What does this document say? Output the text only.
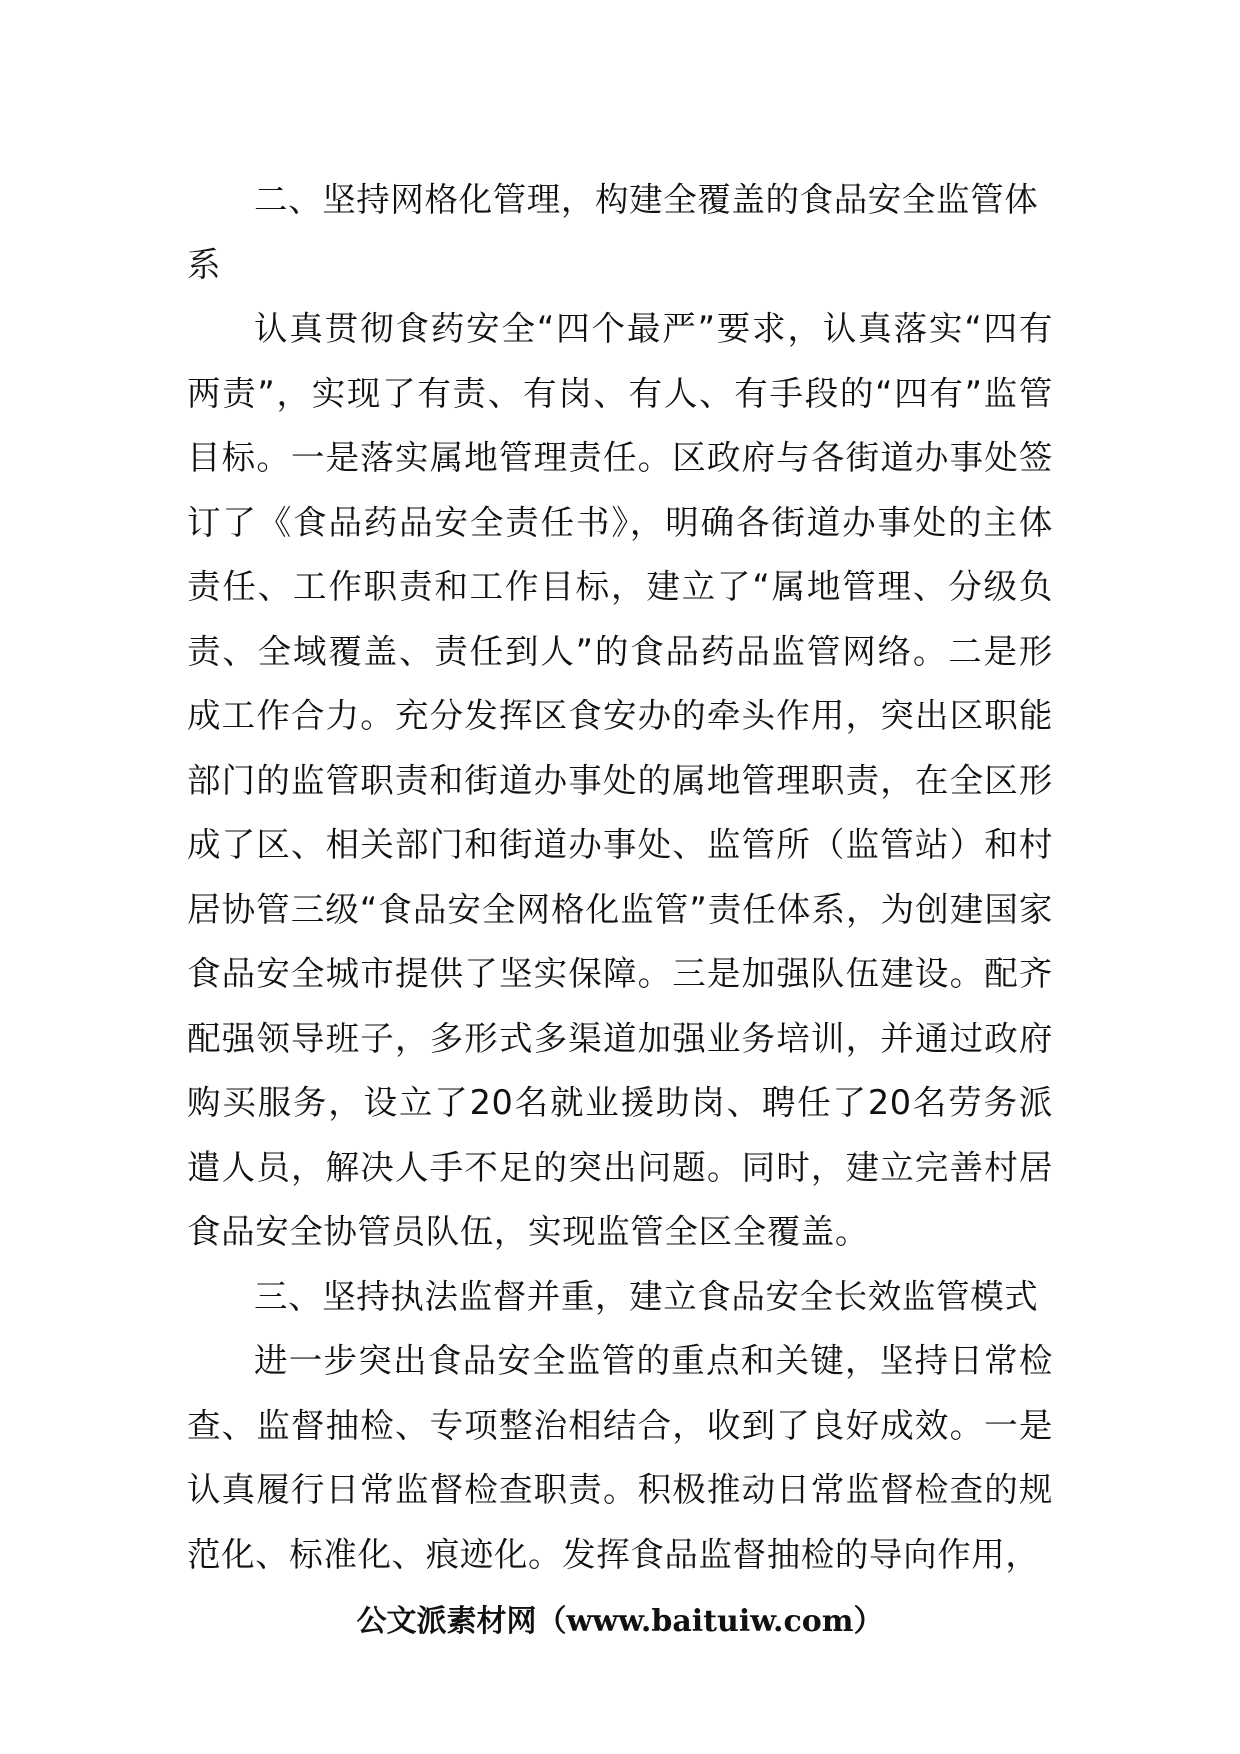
二、坚持网格化管理，构建全覆盖的食品安全监管体系

认真贯彻食药安全“四个最严”要求，认真落实“四有两责”，实现了有责、有岗、有人、有手段的“四有”监管目标。一是落实属地管理责任。区政府与各街道办事处签订了《食品药品安全责任书》，明确各街道办事处的主体责任、工作职责和工作目标，建立了“属地管理、分级负责、全域覆盖、责任到人”的食品药品监管网络。二是形成工作合力。充分发挥区食安办的牵头作用，突出区职能部门的监管职责和街道办事处的属地管理职责，在全区形成了区、相关部门和街道办事处、监管所（监管站）和村居协管三级“食品安全网格化监管”责任体系，为创建国家食品安全城市提供了坚实保障。三是加强队伍建设。配齐配强领导班子，多形式多渠道加强业务培训，并通过政府购买服务，设立了20名就业援助岗、聘任了20名劳务派遣人员，解决人手不足的突出问题。同时，建立完善村居食品安全协管员队伍，实现监管全区全覆盖。

三、坚持执法监督并重，建立食品安全长效监管模式

进一步突出食品安全监管的重点和关键，坚持日常检查、监督抽检、专项整治相结合，收到了良好成效。一是认真履行日常监督检查职责。积极推动日常监督检查的规范化、标准化、痕迹化。发挥食品监督抽检的导向作用，

公文派素材网（www.baituiw.com）
